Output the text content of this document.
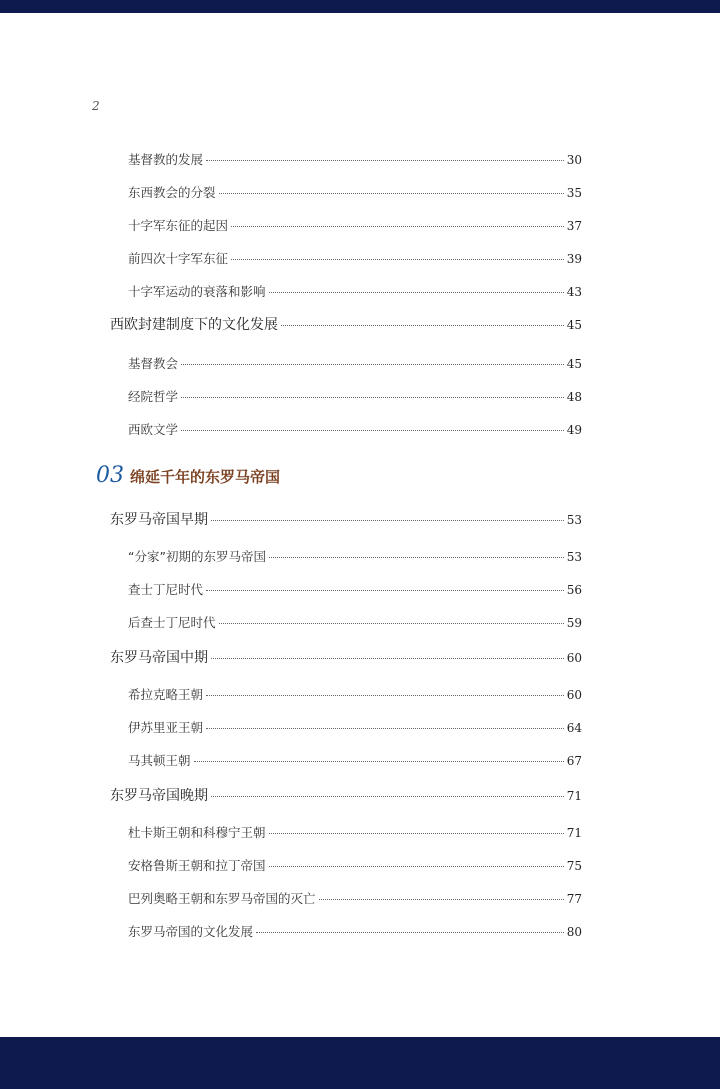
2
基督教的发展	30
东西教会的分裂	35
十字军东征的起因	37
前四次十字军东征	39
十字军运动的衰落和影响	43
西欧封建制度下的文化发展	45
基督教会	45
经院哲学	48
西欧文学	49
03 绵延千年的东罗马帝国
东罗马帝国早期	53
“分家”初期的东罗马帝国	53
查士丁尼时代	56
后查士丁尼时代	59
东罗马帝国中期	60
希拉克略王朝	60
伊苏里亚王朝	64
马其顿王朝	67
东罗马帝国晚期	71
杜卡斯王朝和科穆宁王朝	71
安格鲁斯王朝和拉丁帝国	75
巴列奥略王朝和东罗马帝国的灭亡	77
东罗马帝国的文化发展	80
